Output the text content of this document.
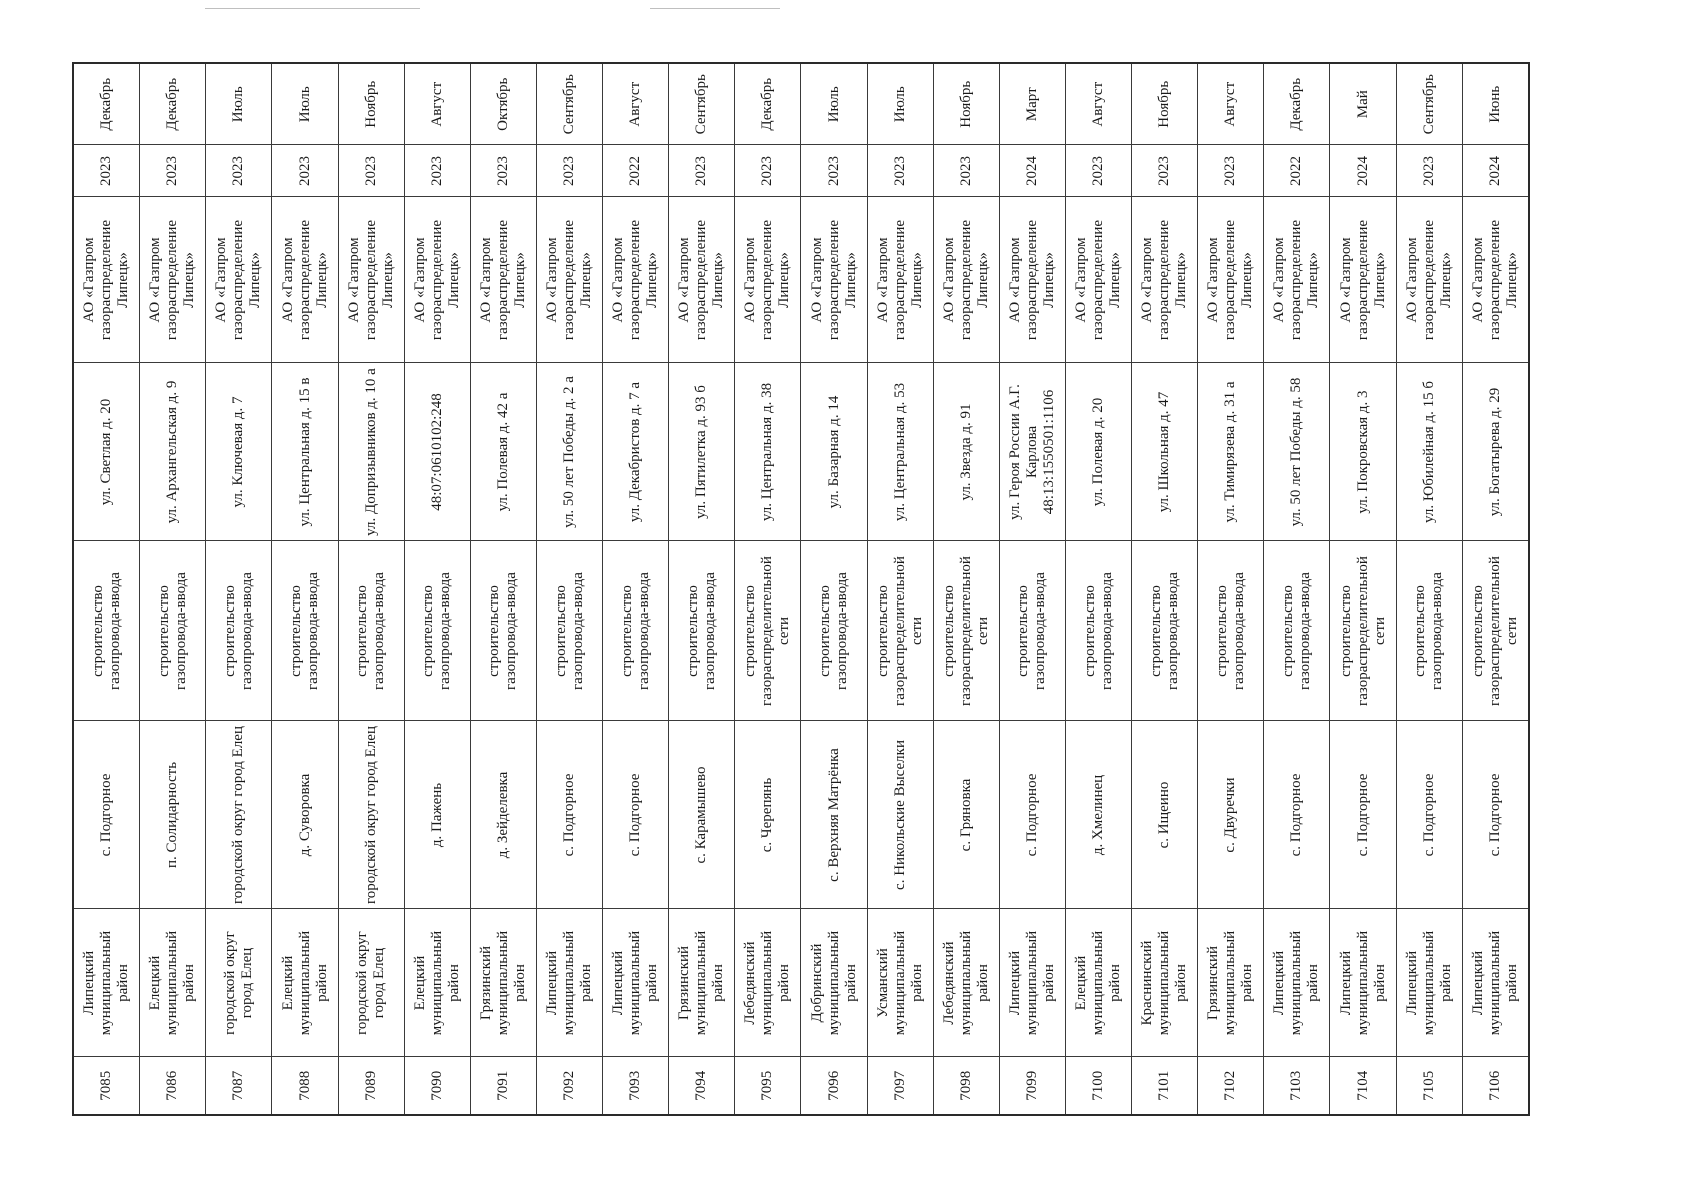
7085	Липецкий муниципальный район	с. Подгорное	строительство газопровода-ввода	ул. Светлая д. 20	АО «Газпром газораспределение Липецк»	2023	Декабрь
7086	Елецкий муниципальный район	п. Солидарность	строительство газопровода-ввода	ул. Архангельская д. 9	АО «Газпром газораспределение Липецк»	2023	Декабрь
7087	городской округ город Елец	городской округ город Елец	строительство газопровода-ввода	ул. Ключевая д. 7	АО «Газпром газораспределение Липецк»	2023	Июль
7088	Елецкий муниципальный район	д. Суворовка	строительство газопровода-ввода	ул. Центральная д. 15 в	АО «Газпром газораспределение Липецк»	2023	Июль
7089	городской округ город Елец	городской округ город Елец	строительство газопровода-ввода	ул. Допризывников д. 10 а	АО «Газпром газораспределение Липецк»	2023	Ноябрь
7090	Елецкий муниципальный район	д. Пажень	строительство газопровода-ввода	48:07:0610102:248	АО «Газпром газораспределение Липецк»	2023	Август
7091	Грязинский муниципальный район	д. Зейделевка	строительство газопровода-ввода	ул. Полевая д. 42 а	АО «Газпром газораспределение Липецк»	2023	Октябрь
7092	Липецкий муниципальный район	с. Подгорное	строительство газопровода-ввода	ул. 50 лет Победы д. 2 а	АО «Газпром газораспределение Липецк»	2023	Сентябрь
7093	Липецкий муниципальный район	с. Подгорное	строительство газопровода-ввода	ул. Декабристов д. 7 а	АО «Газпром газораспределение Липецк»	2022	Август
7094	Грязинский муниципальный район	с. Карамышево	строительство газопровода-ввода	ул. Пятилетка д. 93 б	АО «Газпром газораспределение Липецк»	2023	Сентябрь
7095	Лебедянский муниципальный район	с. Черепянь	строительство газораспределительной сети	ул. Центральная д. 38	АО «Газпром газораспределение Липецк»	2023	Декабрь
7096	Добринский муниципальный район	с. Верхняя Матрёнка	строительство газопровода-ввода	ул. Базарная д. 14	АО «Газпром газораспределение Липецк»	2023	Июль
7097	Усманский муниципальный район	с. Никольские Выселки	строительство газораспределительной сети	ул. Центральная д. 53	АО «Газпром газораспределение Липецк»	2023	Июль
7098	Лебедянский муниципальный район	с. Гряновка	строительство газораспределительной сети	ул. Звезда д. 91	АО «Газпром газораспределение Липецк»	2023	Ноябрь
7099	Липецкий муниципальный район	с. Подгорное	строительство газопровода-ввода	ул. Героя России А.Г. Карлова 48:13:1550501:1106	АО «Газпром газораспределение Липецк»	2024	Март
7100	Елецкий муниципальный район	д. Хмелинец	строительство газопровода-ввода	ул. Полевая д. 20	АО «Газпром газораспределение Липецк»	2023	Август
7101	Краснинский муниципальный район	с. Ищеино	строительство газопровода-ввода	ул. Школьная д. 47	АО «Газпром газораспределение Липецк»	2023	Ноябрь
7102	Грязинский муниципальный район	с. Двуречки	строительство газопровода-ввода	ул. Тимирязева д. 31 а	АО «Газпром газораспределение Липецк»	2023	Август
7103	Липецкий муниципальный район	с. Подгорное	строительство газопровода-ввода	ул. 50 лет Победы д. 58	АО «Газпром газораспределение Липецк»	2022	Декабрь
7104	Липецкий муниципальный район	с. Подгорное	строительство газораспределительной сети	ул. Покровская д. 3	АО «Газпром газораспределение Липецк»	2024	Май
7105	Липецкий муниципальный район	с. Подгорное	строительство газопровода-ввода	ул. Юбилейная д. 15 б	АО «Газпром газораспределение Липецк»	2023	Сентябрь
7106	Липецкий муниципальный район	с. Подгорное	строительство газораспределительной сети	ул. Богатырева д. 29	АО «Газпром газораспределение Липецк»	2024	Июнь
